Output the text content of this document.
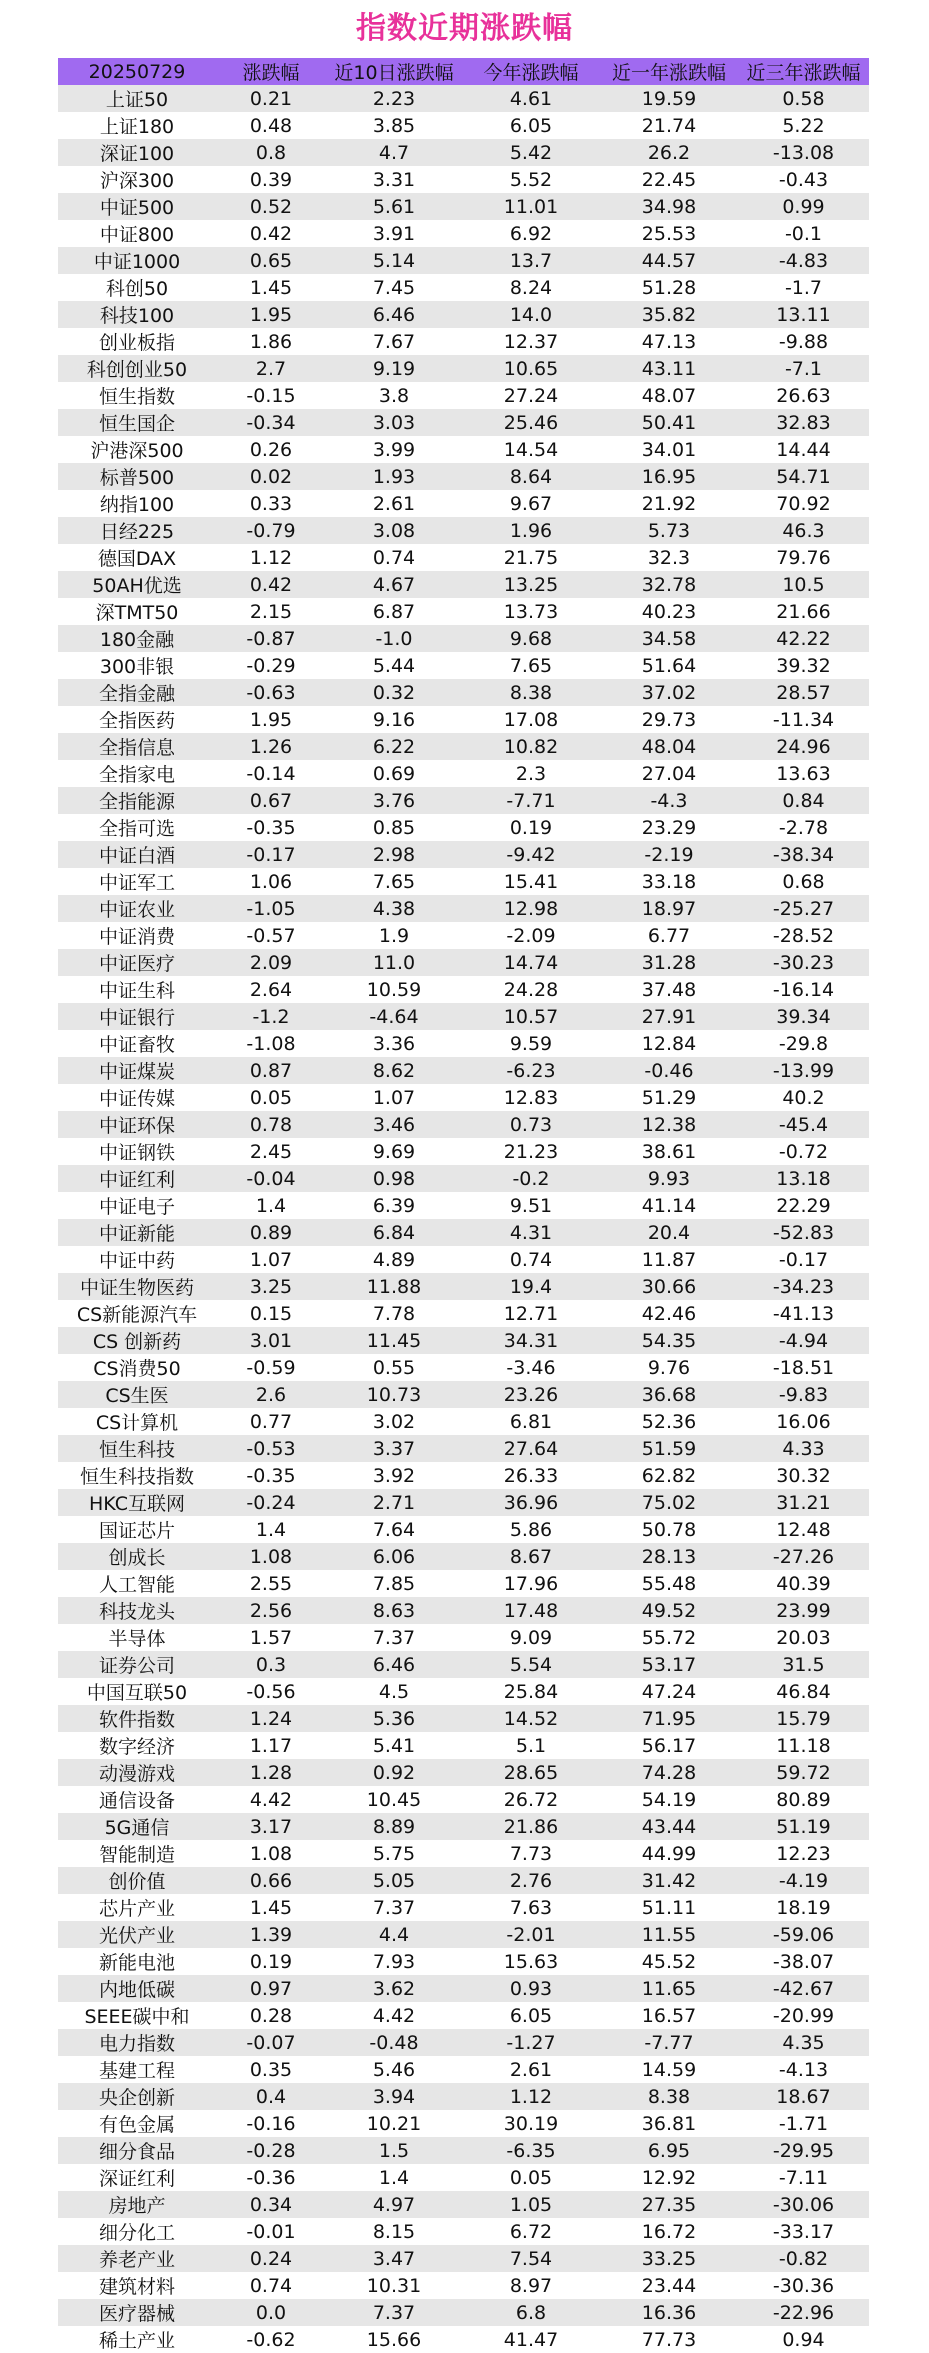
指数近期涨跌幅
20250729	涨跌幅	近10日涨跌幅	今年涨跌幅	近一年涨跌幅	近三年涨跌幅
上证50	0.21	2.23	4.61	19.59	0.58
上证180	0.48	3.85	6.05	21.74	5.22
深证100	0.8	4.7	5.42	26.2	-13.08
沪深300	0.39	3.31	5.52	22.45	-0.43
中证500	0.52	5.61	11.01	34.98	0.99
中证800	0.42	3.91	6.92	25.53	-0.1
中证1000	0.65	5.14	13.7	44.57	-4.83
科创50	1.45	7.45	8.24	51.28	-1.7
科技100	1.95	6.46	14.0	35.82	13.11
创业板指	1.86	7.67	12.37	47.13	-9.88
科创创业50	2.7	9.19	10.65	43.11	-7.1
恒生指数	-0.15	3.8	27.24	48.07	26.63
恒生国企	-0.34	3.03	25.46	50.41	32.83
沪港深500	0.26	3.99	14.54	34.01	14.44
标普500	0.02	1.93	8.64	16.95	54.71
纳指100	0.33	2.61	9.67	21.92	70.92
日经225	-0.79	3.08	1.96	5.73	46.3
德国DAX	1.12	0.74	21.75	32.3	79.76
50AH优选	0.42	4.67	13.25	32.78	10.5
深TMT50	2.15	6.87	13.73	40.23	21.66
180金融	-0.87	-1.0	9.68	34.58	42.22
300非银	-0.29	5.44	7.65	51.64	39.32
全指金融	-0.63	0.32	8.38	37.02	28.57
全指医药	1.95	9.16	17.08	29.73	-11.34
全指信息	1.26	6.22	10.82	48.04	24.96
全指家电	-0.14	0.69	2.3	27.04	13.63
全指能源	0.67	3.76	-7.71	-4.3	0.84
全指可选	-0.35	0.85	0.19	23.29	-2.78
中证白酒	-0.17	2.98	-9.42	-2.19	-38.34
中证军工	1.06	7.65	15.41	33.18	0.68
中证农业	-1.05	4.38	12.98	18.97	-25.27
中证消费	-0.57	1.9	-2.09	6.77	-28.52
中证医疗	2.09	11.0	14.74	31.28	-30.23
中证生科	2.64	10.59	24.28	37.48	-16.14
中证银行	-1.2	-4.64	10.57	27.91	39.34
中证畜牧	-1.08	3.36	9.59	12.84	-29.8
中证煤炭	0.87	8.62	-6.23	-0.46	-13.99
中证传媒	0.05	1.07	12.83	51.29	40.2
中证环保	0.78	3.46	0.73	12.38	-45.4
中证钢铁	2.45	9.69	21.23	38.61	-0.72
中证红利	-0.04	0.98	-0.2	9.93	13.18
中证电子	1.4	6.39	9.51	41.14	22.29
中证新能	0.89	6.84	4.31	20.4	-52.83
中证中药	1.07	4.89	0.74	11.87	-0.17
中证生物医药	3.25	11.88	19.4	30.66	-34.23
CS新能源汽车	0.15	7.78	12.71	42.46	-41.13
CS 创新药	3.01	11.45	34.31	54.35	-4.94
CS消费50	-0.59	0.55	-3.46	9.76	-18.51
CS生医	2.6	10.73	23.26	36.68	-9.83
CS计算机	0.77	3.02	6.81	52.36	16.06
恒生科技	-0.53	3.37	27.64	51.59	4.33
恒生科技指数	-0.35	3.92	26.33	62.82	30.32
HKC互联网	-0.24	2.71	36.96	75.02	31.21
国证芯片	1.4	7.64	5.86	50.78	12.48
创成长	1.08	6.06	8.67	28.13	-27.26
人工智能	2.55	7.85	17.96	55.48	40.39
科技龙头	2.56	8.63	17.48	49.52	23.99
半导体	1.57	7.37	9.09	55.72	20.03
证券公司	0.3	6.46	5.54	53.17	31.5
中国互联50	-0.56	4.5	25.84	47.24	46.84
软件指数	1.24	5.36	14.52	71.95	15.79
数字经济	1.17	5.41	5.1	56.17	11.18
动漫游戏	1.28	0.92	28.65	74.28	59.72
通信设备	4.42	10.45	26.72	54.19	80.89
5G通信	3.17	8.89	21.86	43.44	51.19
智能制造	1.08	5.75	7.73	44.99	12.23
创价值	0.66	5.05	2.76	31.42	-4.19
芯片产业	1.45	7.37	7.63	51.11	18.19
光伏产业	1.39	4.4	-2.01	11.55	-59.06
新能电池	0.19	7.93	15.63	45.52	-38.07
内地低碳	0.97	3.62	0.93	11.65	-42.67
SEEE碳中和	0.28	4.42	6.05	16.57	-20.99
电力指数	-0.07	-0.48	-1.27	-7.77	4.35
基建工程	0.35	5.46	2.61	14.59	-4.13
央企创新	0.4	3.94	1.12	8.38	18.67
有色金属	-0.16	10.21	30.19	36.81	-1.71
细分食品	-0.28	1.5	-6.35	6.95	-29.95
深证红利	-0.36	1.4	0.05	12.92	-7.11
房地产	0.34	4.97	1.05	27.35	-30.06
细分化工	-0.01	8.15	6.72	16.72	-33.17
养老产业	0.24	3.47	7.54	33.25	-0.82
建筑材料	0.74	10.31	8.97	23.44	-30.36
医疗器械	0.0	7.37	6.8	16.36	-22.96
稀土产业	-0.62	15.66	41.47	77.73	0.94
